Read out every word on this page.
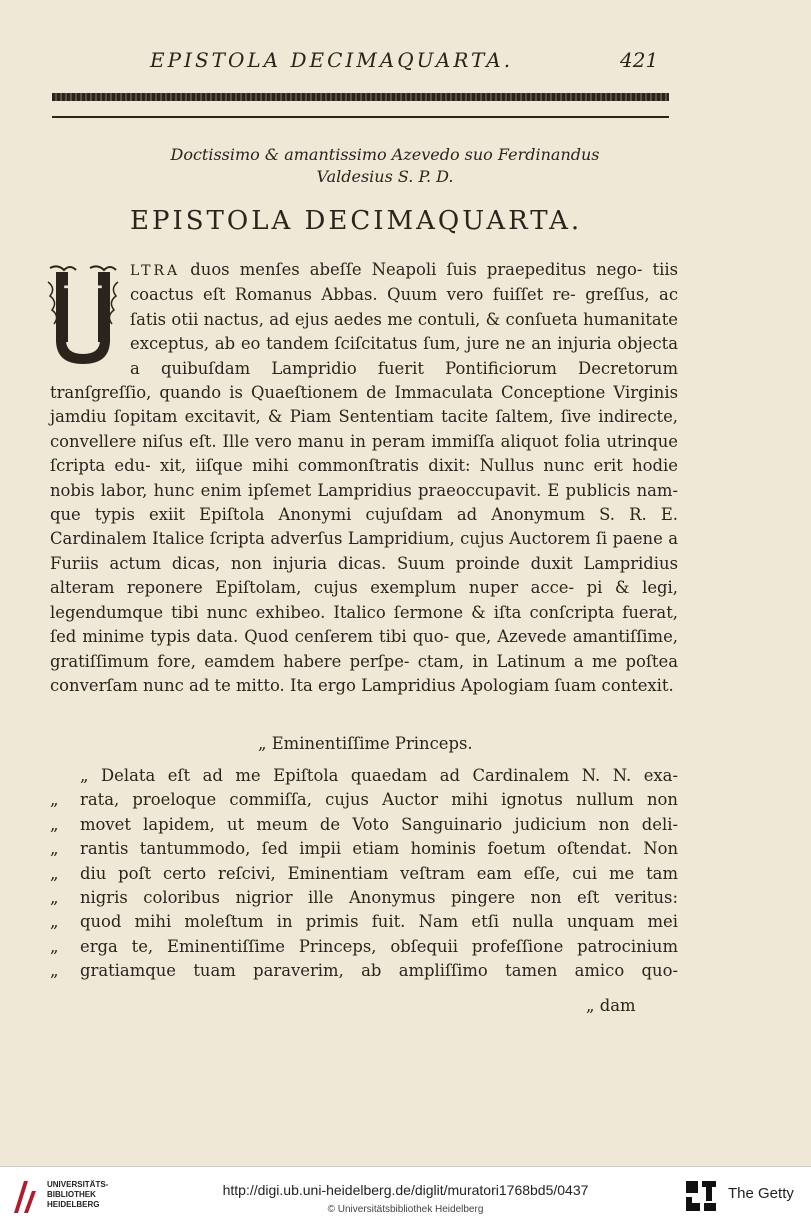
EPISTOLA DECIMAQUARTA.	421
Doctissimo & amantissimo Azevedo suo Ferdinandus
Valdesius S. P. D.
EPISTOLA DECIMAQUARTA.
U

LTRA duos menſes abeſſe Neapoli ſuis praepeditus nego- tiis coactus eſt Romanus Abbas. Quum vero fuiſſet re- greſſus, ac ſatis otii nactus, ad ejus aedes me contuli, & conſueta humanitate exceptus, ab eo tandem ſciſcitatus ſum, jure ne an injuria objecta a quibuſdam Lampridio fuerit Pontificiorum Decretorum tranſgreſſio, quando is Quaeſtionem de Immaculata Conceptione Virginis jamdiu ſopitam excitavit, & Piam Sententiam tacite ſaltem, ſive indirecte, convellere niſus eſt. Ille vero manu in peram immiſſa aliquot folia utrinque ſcripta edu- xit, iiſque mihi commonſtratis dixit: Nullus nunc erit hodie nobis labor, hunc enim ipſemet Lampridius praeoccupavit. E publicis nam- que typis exiit Epiſtola Anonymi cujuſdam ad Anonymum S. R. E. Cardinalem Italice ſcripta adverſus Lampridium, cujus Auctorem ſi paene a Furiis actum dicas, non injuria dicas. Suum proinde duxit Lampridius alteram reponere Epiſtolam, cujus exemplum nuper acce- pi & legi, legendumque tibi nunc exhibeo. Italico ſermone & iſta conſcripta fuerat, ſed minime typis data. Quod cenſerem tibi quo- que, Azevede amantiſſime, gratiſſimum fore, eamdem habere perſpe- ctam, in Latinum a me poſtea converſam nunc ad te mitto. Ita ergo Lampridius Apologiam ſuam contexit.

„ Eminentiſſime Princeps.
„ Delata eſt ad me Epiſtola quaedam ad Cardinalem N. N. exa-
„	rata, proeloque commiſſa, cujus Auctor mihi ignotus nullum non
„	movet lapidem, ut meum de Voto Sanguinario judicium non deli-
„	rantis tantummodo, ſed impii etiam hominis foetum oſtendat. Non
„	diu poſt certo reſcivi, Eminentiam veſtram eam eſſe, cui me tam
„	nigris coloribus nigrior ille Anonymus pingere non eſt veritus:
„	quod mihi moleſtum in primis fuit. Nam etſi nulla unquam mei
„	erga te, Eminentiſſime Princeps, obſequii profeſſione patrocinium
„	gratiamque tuam paraverim, ab ampliſſimo tamen amico quo-
„ dam
UNIVERSITÄTS-
BIBLIOTHEK
HEIDELBERG
http://digi.ub.uni-heidelberg.de/diglit/muratori1768bd5/0437
© Universitätsbibliothek Heidelberg
The Getty
